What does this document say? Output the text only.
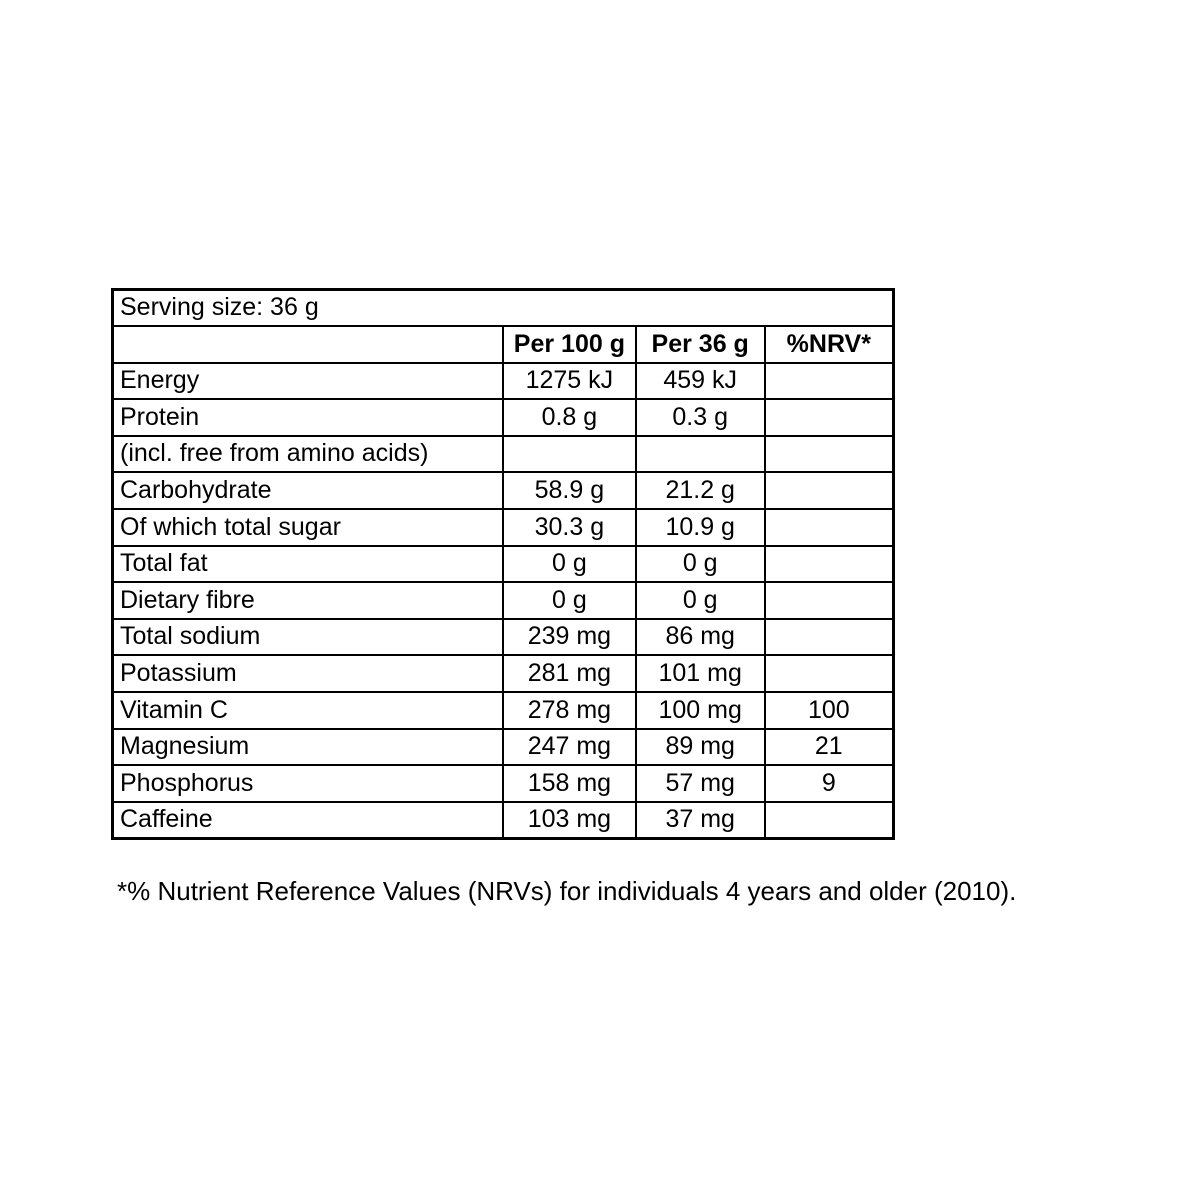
Serving size: 36 g			
	Per 100 g	Per 36 g	%NRV*
Energy	1275 kJ	459 kJ	
Protein	0.8 g	0.3 g	
(incl. free from amino acids)			
Carbohydrate	58.9 g	21.2 g	
Of which total sugar	30.3 g	10.9 g	
Total fat	0 g	0 g	
Dietary fibre	0 g	0 g	
Total sodium	239 mg	86 mg	
Potassium	281 mg	101 mg	
Vitamin C	278 mg	100 mg	100
Magnesium	247 mg	89 mg	21
Phosphorus	158 mg	57 mg	9
Caffeine	103 mg	37 mg	

*% Nutrient Reference Values (NRVs) for individuals 4 years and older (2010).
